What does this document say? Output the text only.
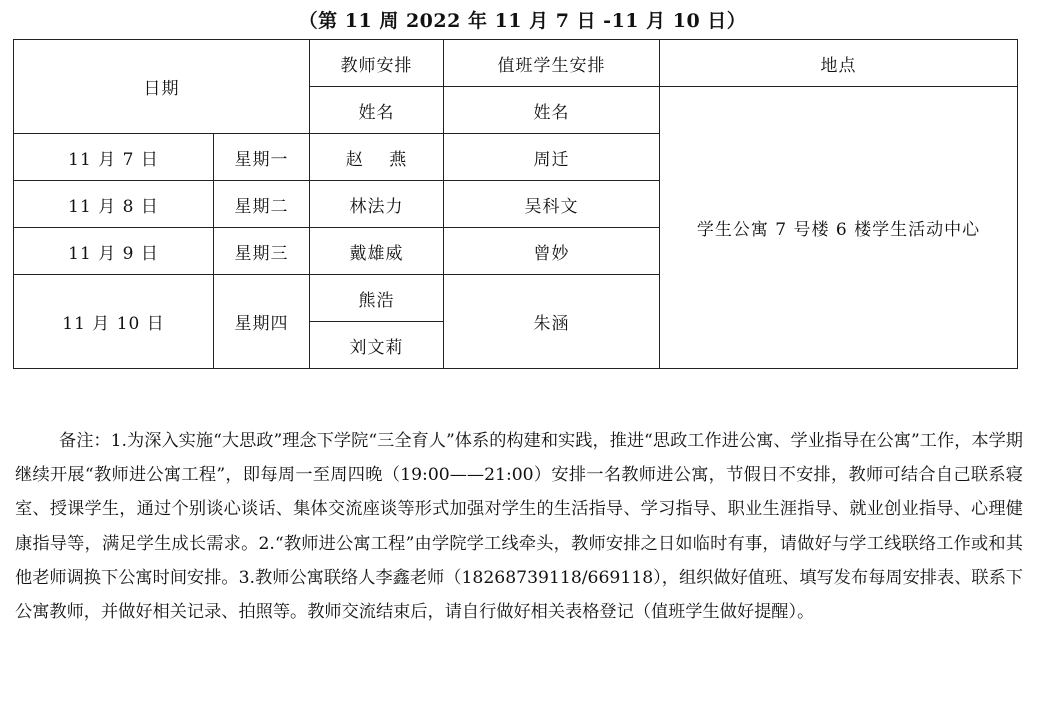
（第 11 周 2022 年 11 月 7 日 -11 月 10 日）
日期		教师安排	值班学生安排	地点
		姓名	姓名	学生公寓 7 号楼 6 楼学生活动中心
11 月 7 日	星期一	赵    燕	周迁	
11 月 8 日	星期二	林法力	吴科文	
11 月 9 日	星期三	戴雄威	曾妙	
11 月 10 日	星期四	熊浩	朱涵	
		刘文莉		
备注：1.为深入实施“大思政”理念下学院“三全育人”体系的构建和实践，推进“思政工作进公寓、学业指导在公寓”工作，本学期继续开展“教师进公寓工程”，即每周一至周四晚（19:00——21:00）安排一名教师进公寓，节假日不安排，教师可结合自己联系寝室、授课学生，通过个别谈心谈话、集体交流座谈等形式加强对学生的生活指导、学习指导、职业生涯指导、就业创业指导、心理健康指导等，满足学生成长需求。2.“教师进公寓工程”由学院学工线牵头，教师安排之日如临时有事，请做好与学工线联络工作或和其他老师调换下公寓时间安排。3.教师公寓联络人李鑫老师（18268739118/669118），组织做好值班、填写发布每周安排表、联系下公寓教师，并做好相关记录、拍照等。教师交流结束后，请自行做好相关表格登记（值班学生做好提醒）。
